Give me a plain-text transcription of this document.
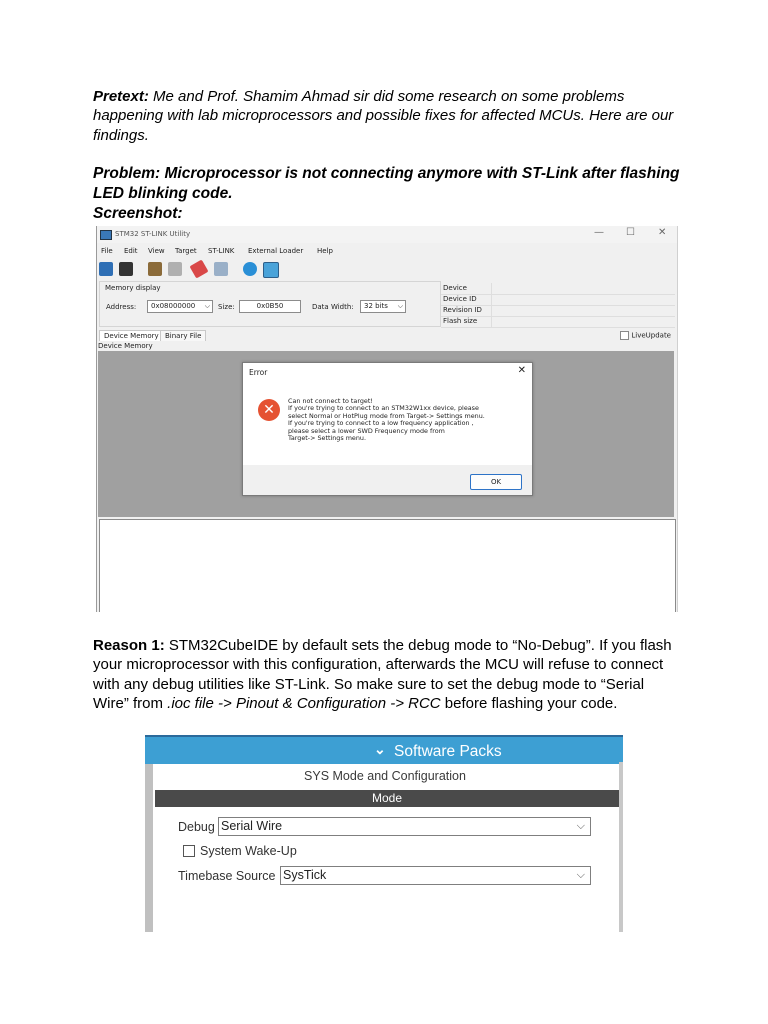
Pretext: Me and Prof. Shamim Ahmad sir did some research on some problems happening with lab microprocessors and possible fixes for affected MCUs. Here are our findings.
Problem: Microprocessor is not connecting anymore with ST-Link after flashing LED blinking code.
Screenshot:
STM32 ST-LINK Utility	— ☐ ✕
File Edit View Target ST-LINK External Loader Help
Memory display
Address:	0x08000000 ⌵ Size:	0x0B50	Data Width:	32 bits ⌵
Device
Device ID
Revision ID
Flash size
Device Memory Binary File	LiveUpdate
Device Memory
Error	✕
✕
Can not connect to target!
If you're trying to connect to an STM32W1xx device, please
select Normal or HotPlug mode from Target-> Settings menu.
If you're trying to connect to a low frequency application ,
please select a lower SWD Frequency mode from
Target-> Settings menu.
OK
Reason 1: STM32CubeIDE by default sets the debug mode to “No-Debug”. If you flash your microprocessor with this configuration, afterwards the MCU will refuse to connect with any debug utilities like ST-Link. So make sure to set the debug mode to “Serial Wire” from .ioc file -> Pinout & Configuration -> RCC before flashing your code.
⌄ Software Packs
SYS Mode and Configuration
Mode
Debug Serial Wire	⌵
System Wake-Up
Timebase Source SysTick	⌵
